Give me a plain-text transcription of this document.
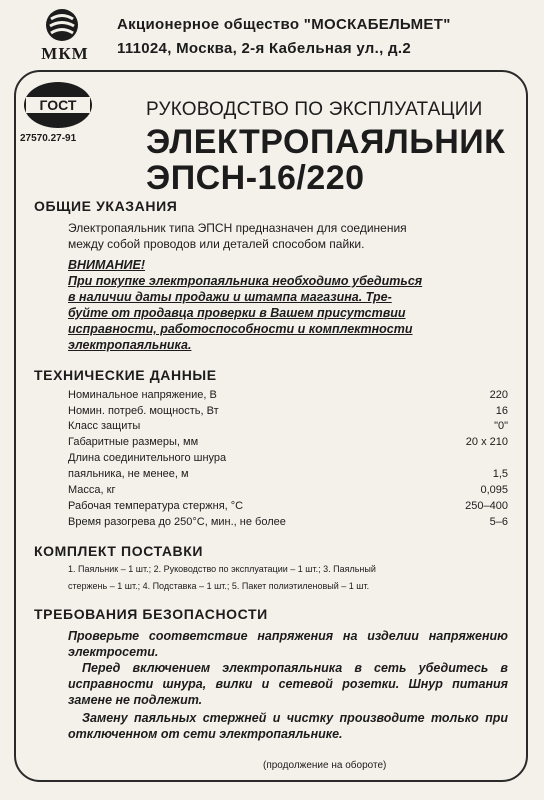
МКМ
Акционерное общество "МОСКАБЕЛЬМЕТ"
111024, Москва, 2-я Кабельная ул., д.2
ГОСТ
27570.27-91
РУКОВОДСТВО ПО ЭКСПЛУАТАЦИИ
ЭЛЕКТРОПАЯЛЬНИК
ЭПСН-16/220
ОБЩИЕ УКАЗАНИЯ
Электропаяльник типа ЭПСН предназначен для соединения
между собой проводов или деталей способом пайки.
ВНИМАНИЕ!
При покупке электропаяльника необходимо убедиться
в наличии даты продажи и штампа магазина. Тре-
буйте от продавца проверки в Вашем присутствии
исправности, работоспособности и комплектности
электропаяльника.
ТЕХНИЧЕСКИЕ ДАННЫЕ
Номинальное напряжение, В	220
Номин. потреб. мощность, Вт	16
Класс защиты	"0"
Габаритные размеры, мм	20 x 210
Длина соединительного шнура
паяльника, не менее, м	1,5
Масса, кг	0,095
Рабочая температура стержня, °С	250–400
Время разогрева до 250°С, мин., не более	5–6
КОМПЛЕКТ ПОСТАВКИ
1. Паяльник – 1 шт.; 2. Руководство по эксплуатации – 1 шт.; 3. Паяльный
стержень – 1 шт.; 4. Подставка – 1 шт.; 5. Пакет полиэтиленовый – 1 шт.
ТРЕБОВАНИЯ БЕЗОПАСНОСТИ
Проверьте соответствие напряжения на изделии напряжению электросети.
Перед включением электропаяльника в сеть убедитесь в исправности шнура, вилки и сетевой розетки. Шнур питания замене не подлежит.
Замену паяльных стержней и чистку производите только при отключенном от сети электропаяльнике.
(продолжение на обороте)
